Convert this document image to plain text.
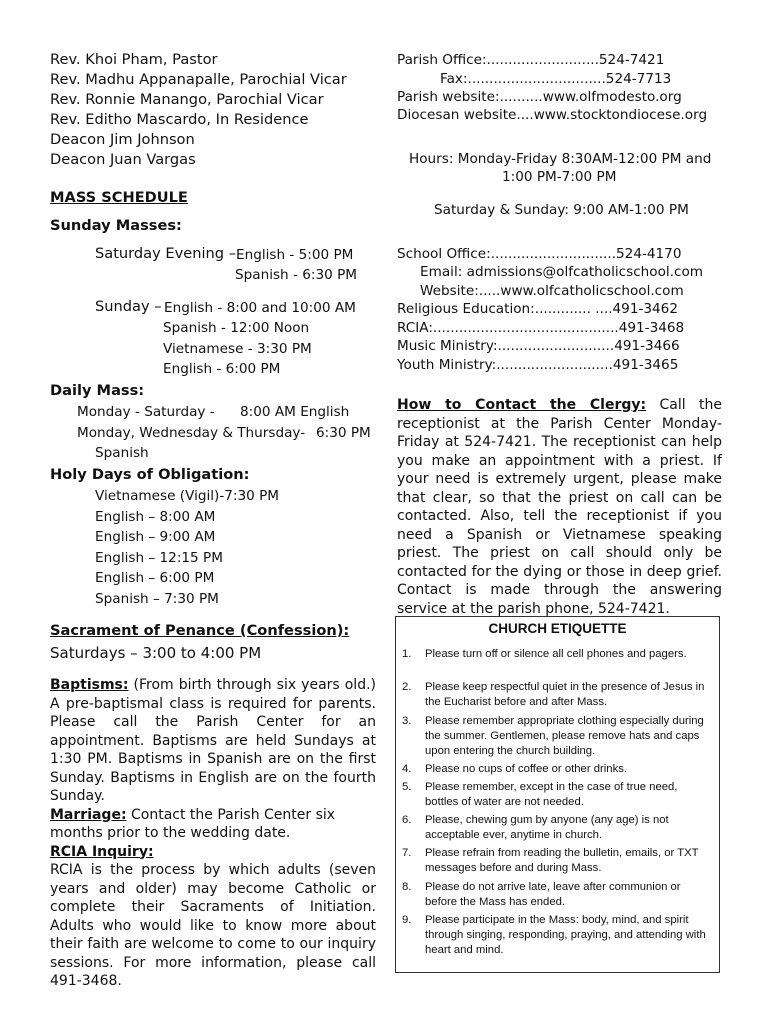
Rev. Khoi Pham, Pastor
Rev. Madhu Appanapalle, Parochial Vicar
Rev. Ronnie Manango, Parochial Vicar
Rev. Editho Mascardo, In Residence
Deacon Jim Johnson
Deacon Juan Vargas
MASS SCHEDULE
Sunday Masses:
Saturday Evening – English - 5:00 PM
Spanish - 6:30 PM
Sunday – English - 8:00 and 10:00 AM
Spanish - 12:00 Noon
Vietnamese - 3:30 PM
English - 6:00 PM
Daily Mass:
Monday - Saturday - 8:00 AM English
Monday, Wednesday & Thursday- 6:30 PM
Spanish
Holy Days of Obligation:
Vietnamese (Vigil)-7:30 PM
English – 8:00 AM
English – 9:00 AM
English – 12:15 PM
English – 6:00 PM
Spanish – 7:30 PM
Sacrament of Penance (Confession):
Saturdays – 3:00 to 4:00 PM

Baptisms: (From birth through six years old.) A pre-baptismal class is required for parents. Please call the Parish Center for an appointment. Baptisms are held Sundays at 1:30 PM. Baptisms in Spanish are on the first Sunday. Baptisms in English are on the fourth Sunday.

Marriage: Contact the Parish Center six months prior to the wedding date.

RCIA Inquiry:

RCIA is the process by which adults (seven years and older) may become Catholic or complete their Sacraments of Initiation. Adults who would like to know more about their faith are welcome to come to our inquiry sessions. For more information, please call 491-3468.

Parish Office:..........................524-7421
Fax:................................524-7713
Parish website:..........www.olfmodesto.org
Diocesan website....www.stocktondiocese.org
Hours: Monday-Friday 8:30AM-12:00 PM and
1:00 PM-7:00 PM
Saturday & Sunday: 9:00 AM-1:00 PM
School Office:.............................524-4170
Email: admissions@olfcatholicschool.com
Website:.....www.olfcatholicschool.com
Religious Education:............. ....491-3462
RCIA:...........................................491-3468
Music Ministry:...........................491-3466
Youth Ministry:...........................491-3465

How to Contact the Clergy: Call the receptionist at the Parish Center Monday-Friday at 524-7421. The receptionist can help you make an appointment with a priest. If your need is extremely urgent, please make that clear, so that the priest on call can be contacted. Also, tell the receptionist if you need a Spanish or Vietnamese speaking priest. The priest on call should only be contacted for the dying or those in deep grief. Contact is made through the answering service at the parish phone, 524-7421.

CHURCH ETIQUETTE
1. Please turn off or silence all cell phones and pagers.
2. Please keep respectful quiet in the presence of Jesus in the Eucharist before and after Mass.
3. Please remember appropriate clothing especially during the summer. Gentlemen, please remove hats and caps upon entering the church building.
4. Please no cups of coffee or other drinks.
5. Please remember, except in the case of true need, bottles of water are not needed.
6. Please, chewing gum by anyone (any age) is not acceptable ever, anytime in church.
7. Please refrain from reading the bulletin, emails, or TXT messages before and during Mass.
8. Please do not arrive late, leave after communion or before the Mass has ended.
9. Please participate in the Mass: body, mind, and spirit through singing, responding, praying, and attending with heart and mind.
